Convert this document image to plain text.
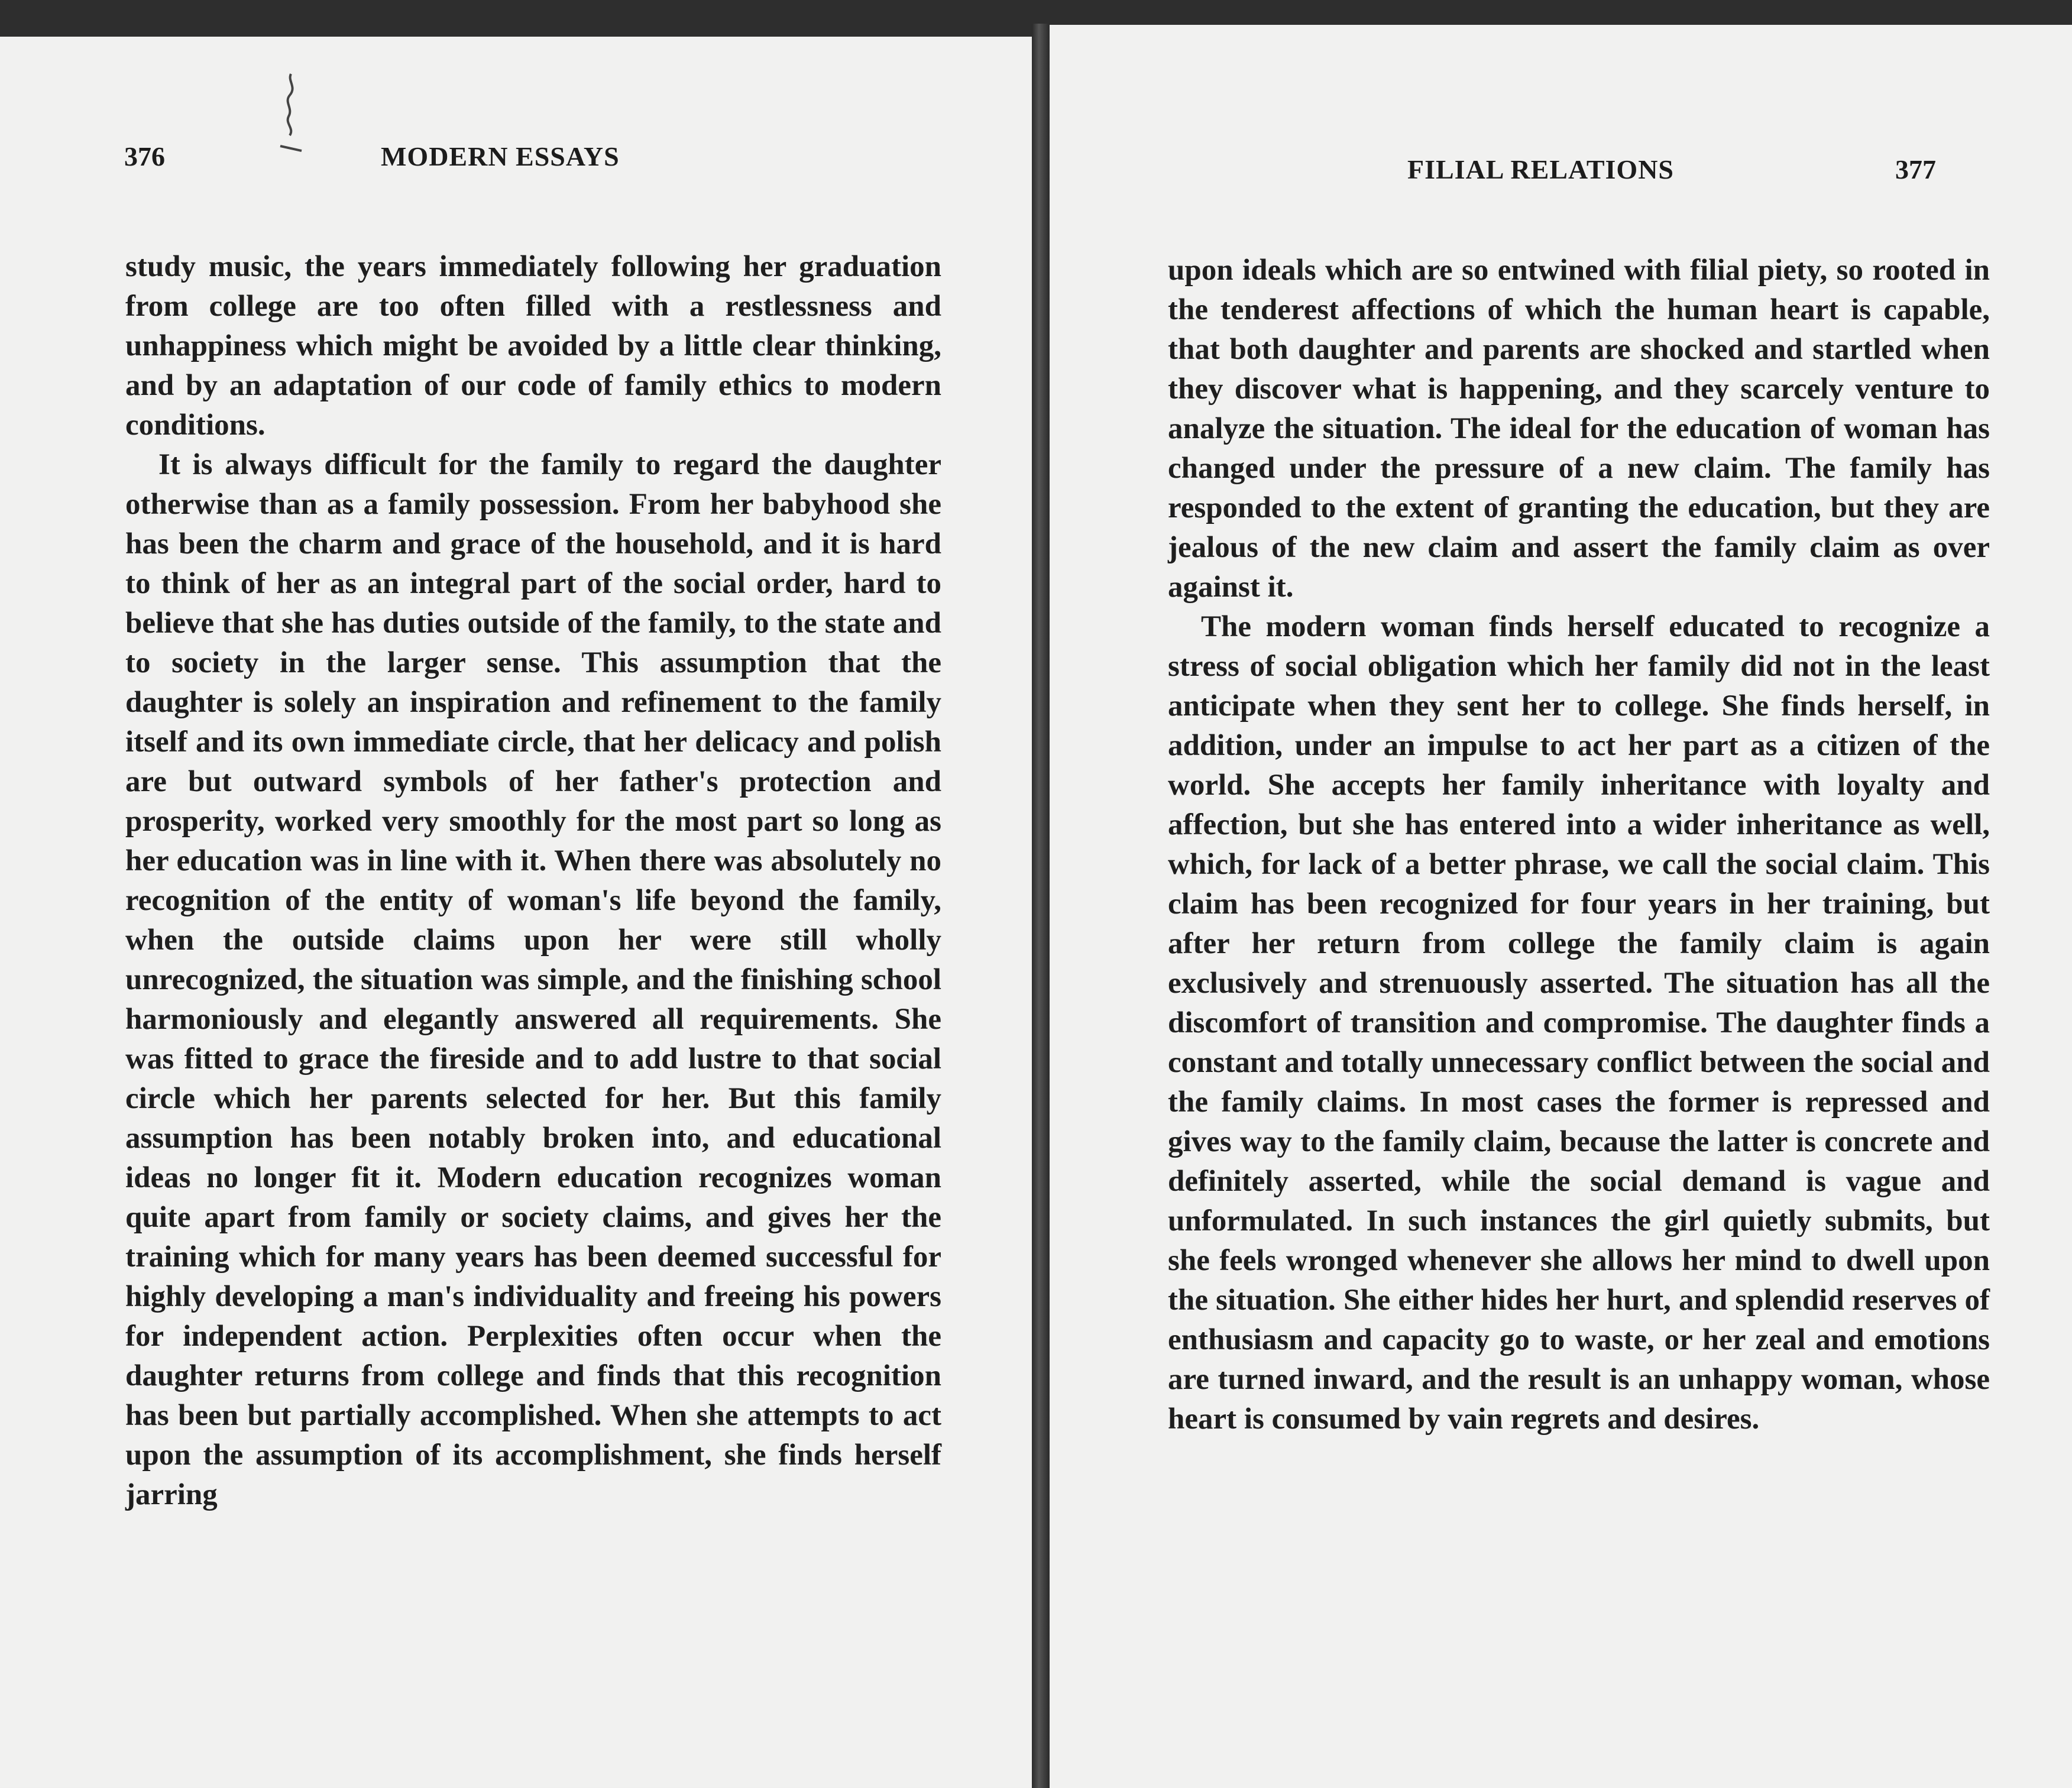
376	MODERN ESSAYS

study music, the years immediately following her graduation from college are too often filled with a restlessness and unhappiness which might be avoided by a little clear thinking, and by an adaptation of our code of family ethics to modern conditions.

It is always difficult for the family to regard the daughter otherwise than as a family possession. From her babyhood she has been the charm and grace of the household, and it is hard to think of her as an integral part of the social order, hard to believe that she has duties outside of the family, to the state and to society in the larger sense. This assumption that the daughter is solely an inspiration and refinement to the family itself and its own immediate circle, that her delicacy and polish are but outward symbols of her father's protection and prosperity, worked very smoothly for the most part so long as her education was in line with it. When there was absolutely no recognition of the entity of woman's life beyond the family, when the outside claims upon her were still wholly unrecognized, the situation was simple, and the finishing school harmoniously and elegantly answered all requirements. She was fitted to grace the fireside and to add lustre to that social circle which her parents selected for her. But this family assumption has been notably broken into, and educational ideas no longer fit it. Modern education recognizes woman quite apart from family or society claims, and gives her the training which for many years has been deemed successful for highly developing a man's individuality and freeing his powers for independent action. Perplexities often occur when the daughter returns from college and finds that this recognition has been but partially accomplished. When she attempts to act upon the assumption of its accomplishment, she finds herself jarring

FILIAL RELATIONS	377

upon ideals which are so entwined with filial piety, so rooted in the tenderest affections of which the human heart is capable, that both daughter and parents are shocked and startled when they discover what is happening, and they scarcely venture to analyze the situation. The ideal for the education of woman has changed under the pressure of a new claim. The family has responded to the extent of granting the education, but they are jealous of the new claim and assert the family claim as over against it.

The modern woman finds herself educated to recognize a stress of social obligation which her family did not in the least anticipate when they sent her to college. She finds herself, in addition, under an impulse to act her part as a citizen of the world. She accepts her family inheritance with loyalty and affection, but she has entered into a wider inheritance as well, which, for lack of a better phrase, we call the social claim. This claim has been recognized for four years in her training, but after her return from college the family claim is again exclusively and strenuously asserted. The situation has all the discomfort of transition and compromise. The daughter finds a constant and totally unnecessary conflict between the social and the family claims. In most cases the former is repressed and gives way to the family claim, because the latter is concrete and definitely asserted, while the social demand is vague and unformulated. In such instances the girl quietly submits, but she feels wronged whenever she allows her mind to dwell upon the situation. She either hides her hurt, and splendid reserves of enthusiasm and capacity go to waste, or her zeal and emotions are turned inward, and the result is an unhappy woman, whose heart is consumed by vain regrets and desires.
